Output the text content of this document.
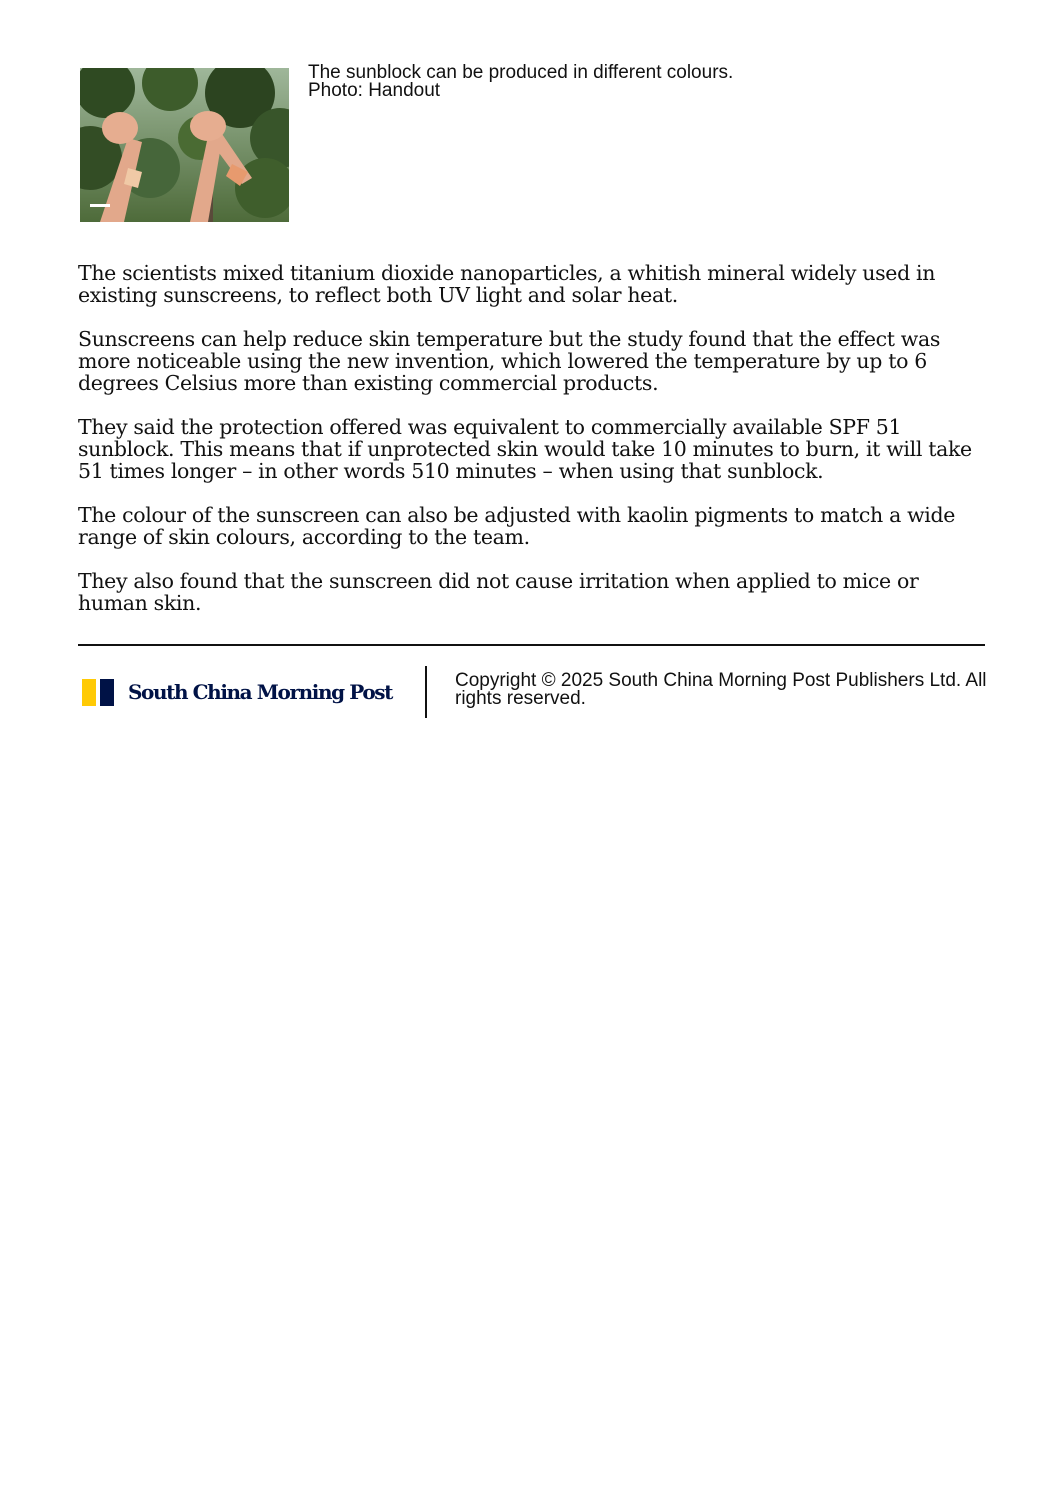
The sunblock can be produced in different colours.
Photo: Handout

The scientists mixed titanium dioxide nanoparticles, a whitish mineral widely used in existing sunscreens, to reflect both UV light and solar heat.

Sunscreens can help reduce skin temperature but the study found that the effect was more noticeable using the new invention, which lowered the temperature by up to 6 degrees Celsius more than existing commercial products.

They said the protection offered was equivalent to commercially available SPF 51 sunblock. This means that if unprotected skin would take 10 minutes to burn, it will take 51 times longer – in other words 510 minutes – when using that sunblock.

The colour of the sunscreen can also be adjusted with kaolin pigments to match a wide range of skin colours, according to the team.

They also found that the sunscreen did not cause irritation when applied to mice or human skin.

South China Morning Post	Copyright © 2025 South China Morning Post Publishers Ltd. All rights reserved.
